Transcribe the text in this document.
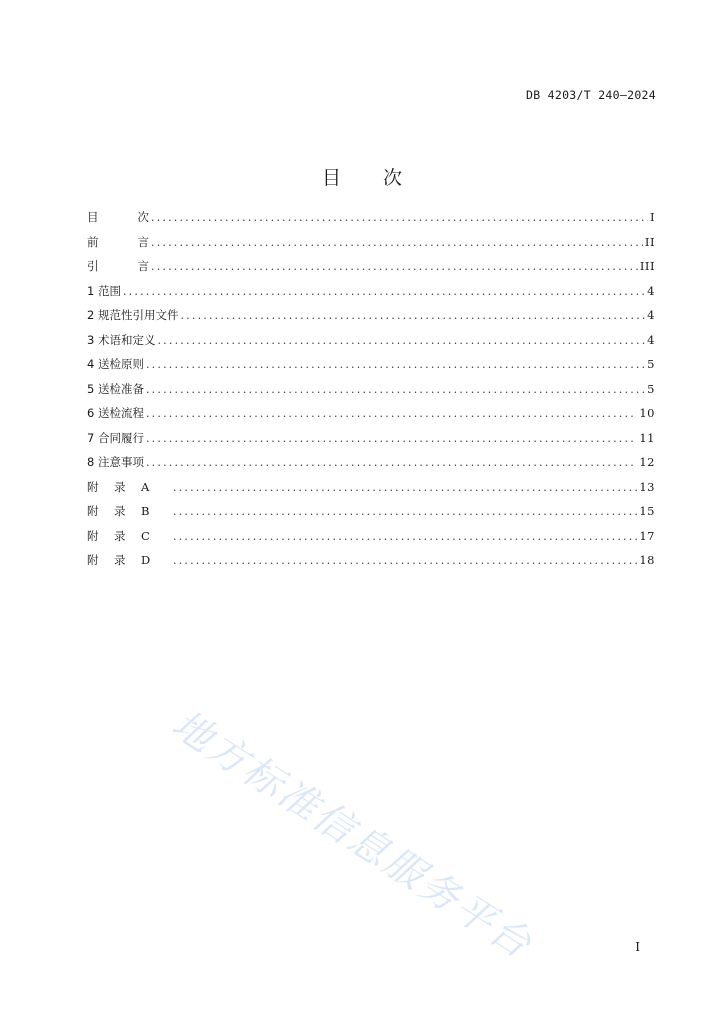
DB 4203/T 240—2024
目 次
目	次 .....	I
前	言 .....	II
引	言 .....	III
1 范围 .....	4
2 规范性引用文件 .....	4
3 术语和定义 .....	4
4 送检原则 .....	5
5 送检准备 .....	5
6 送检流程 .....	10
7 合同履行 .....	11
8 注意事项 .....	12
附	录	A .....	13
附	录	B .....	15
附	录	C .....	17
附	录	D .....	18
地方标准信息服务平台	I
